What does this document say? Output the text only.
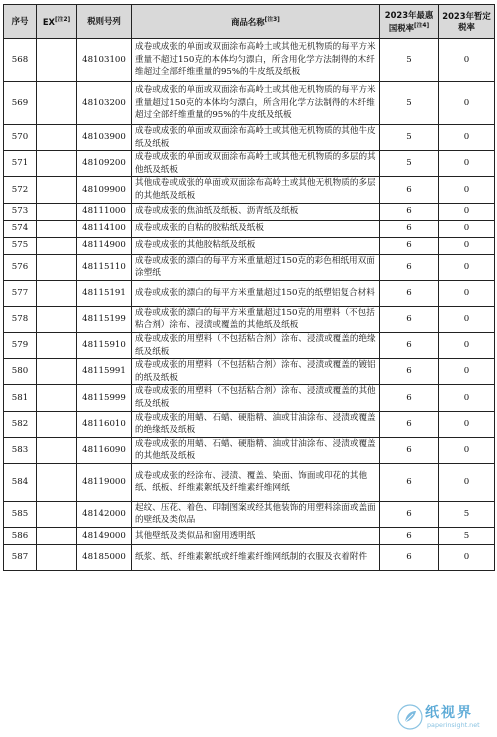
序号	EX[注2]	税则号列	商品名称[注3]	2023年最惠国税率[注4]	2023年暂定税率
568		48103100	成卷或成张的单面或双面涂布高岭土或其他无机物质的每平方米重量不超过150克的本体均匀漂白，所含用化学方法制得的木纤维超过全部纤维重量的95%的牛皮纸及纸板	5	0
569		48103200	成卷或成张的单面或双面涂布高岭土或其他无机物质的每平方米重量超过150克的本体均匀漂白，所含用化学方法制得的木纤维超过全部纤维重量的95%的牛皮纸及纸板	5	0
570		48103900	成卷或成张的单面或双面涂布高岭土或其他无机物质的其他牛皮纸及纸板	5	0
571		48109200	成卷或成张的单面或双面涂布高岭土或其他无机物质的多层的其他纸及纸板	5	0
572		48109900	其他成卷或成张的单面或双面涂布高岭土或其他无机物质的多层的其他纸及纸板	6	0
573		48111000	成卷或成张的焦油纸及纸板、沥青纸及纸板	6	0
574		48114100	成卷或成张的自粘的胶粘纸及纸板	6	0
575		48114900	成卷或成张的其他胶粘纸及纸板	6	0
576		48115110	成卷或成张的漂白的每平方米重量超过150克的彩色相纸用双面涂塑纸	6	0
577		48115191	成卷或成张的漂白的每平方米重量超过150克的纸塑铝复合材料	6	0
578		48115199	成卷或成张的漂白的每平方米重量超过150克的用塑料（不包括粘合剂）涂布、浸渍或覆盖的其他纸及纸板	6	0
579		48115910	成卷或成张的用塑料（不包括粘合剂）涂布、浸渍或覆盖的绝缘纸及纸板	6	0
580		48115991	成卷或成张的用塑料（不包括粘合剂）涂布、浸渍或覆盖的镀铝的纸及纸板	6	0
581		48115999	成卷或成张的用塑料（不包括粘合剂）涂布、浸渍或覆盖的其他纸及纸板	6	0
582		48116010	成卷或成张的用蜡、石蜡、硬脂精、油或甘油涂布、浸渍或覆盖的绝缘纸及纸板	6	0
583		48116090	成卷或成张的用蜡、石蜡、硬脂精、油或甘油涂布、浸渍或覆盖的其他纸及纸板	6	0
584		48119000	成卷或成张的经涂布、浸渍、覆盖、染面、饰面或印花的其他纸、纸板、纤维素絮纸及纤维素纤维网纸	6	0
585		48142000	起纹、压花、着色、印制图案或经其他装饰的用塑料涂面或盖面的壁纸及类似品	6	5
586		48149000	其他壁纸及类似品和窗用透明纸	6	5
587		48185000	纸浆、纸、纤维素絮纸或纤维素纤维网纸制的衣服及衣着附件	6	0
纸视界
paperinsight.net
